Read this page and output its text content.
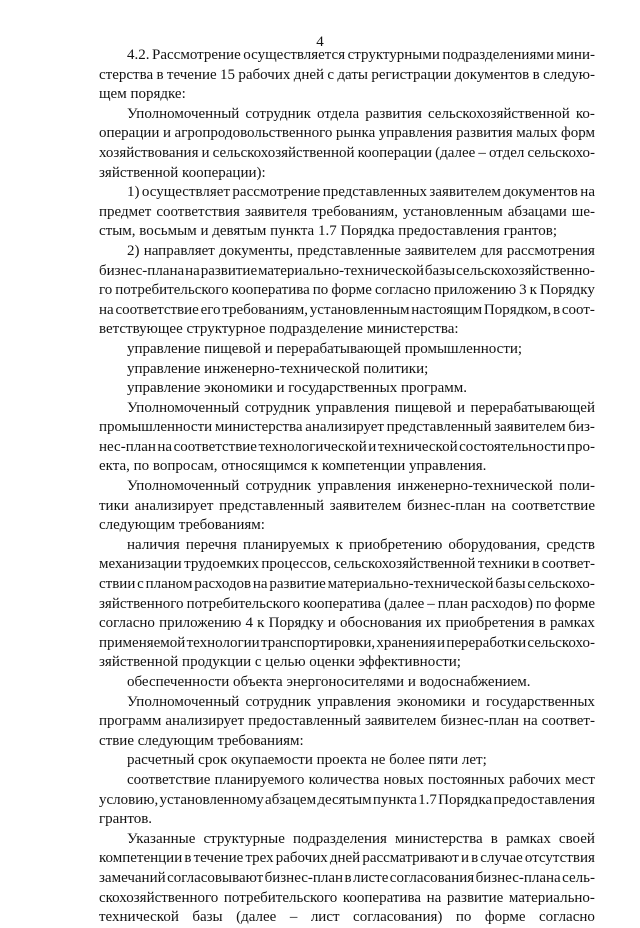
4
4.2. Рассмотрение осуществляется структурными подразделениями мини-
стерства в течение 15 рабочих дней с даты регистрации документов в следую-
щем порядке:
Уполномоченный сотрудник отдела развития сельскохозяйственной ко-
операции и агропродовольственного рынка управления развития малых форм
хозяйствования и сельскохозяйственной кооперации (далее – отдел сельскохо-
зяйственной кооперации):
1) осуществляет рассмотрение представленных заявителем документов на
предмет соответствия заявителя требованиям, установленным абзацами ше-
стым, восьмым и девятым пункта 1.7 Порядка предоставления грантов;
2) направляет документы, представленные заявителем для рассмотрения
бизнес-плана на развитие материально-технической базы сельскохозяйственно-
го потребительского кооператива по форме согласно приложению 3 к Порядку
на соответствие его требованиям, установленным настоящим Порядком, в соот-
ветствующее структурное подразделение министерства:
управление пищевой и перерабатывающей промышленности;
управление инженерно-технической политики;
управление экономики и государственных программ.
Уполномоченный сотрудник управления пищевой и перерабатывающей
промышленности министерства анализирует представленный заявителем биз-
нес-план на соответствие технологической и технической состоятельности про-
екта, по вопросам, относящимся к компетенции управления.
Уполномоченный сотрудник управления инженерно-технической поли-
тики анализирует представленный заявителем бизнес-план на соответствие
следующим требованиям:
наличия перечня планируемых к приобретению оборудования, средств
механизации трудоемких процессов, сельскохозяйственной техники в соответ-
ствии с планом расходов на развитие материально-технической базы сельскохо-
зяйственного потребительского кооператива (далее – план расходов) по форме
согласно приложению 4 к Порядку и обоснования их приобретения в рамках
применяемой технологии транспортировки, хранения и переработки сельскохо-
зяйственной продукции с целью оценки эффективности;
обеспеченности объекта энергоносителями и водоснабжением.
Уполномоченный сотрудник управления экономики и государственных
программ анализирует предоставленный заявителем бизнес-план на соответ-
ствие следующим требованиям:
расчетный срок окупаемости проекта не более пяти лет;
соответствие планируемого количества новых постоянных рабочих мест
условию, установленному абзацем десятым пункта 1.7 Порядка предоставления
грантов.
Указанные структурные подразделения министерства в рамках своей
компетенции в течение трех рабочих дней рассматривают и в случае отсутствия
замечаний согласовывают бизнес-план в листе согласования бизнес-плана сель-
скохозяйственного потребительского кооператива на развитие материально-
технической базы (далее – лист согласования) по форме согласно
